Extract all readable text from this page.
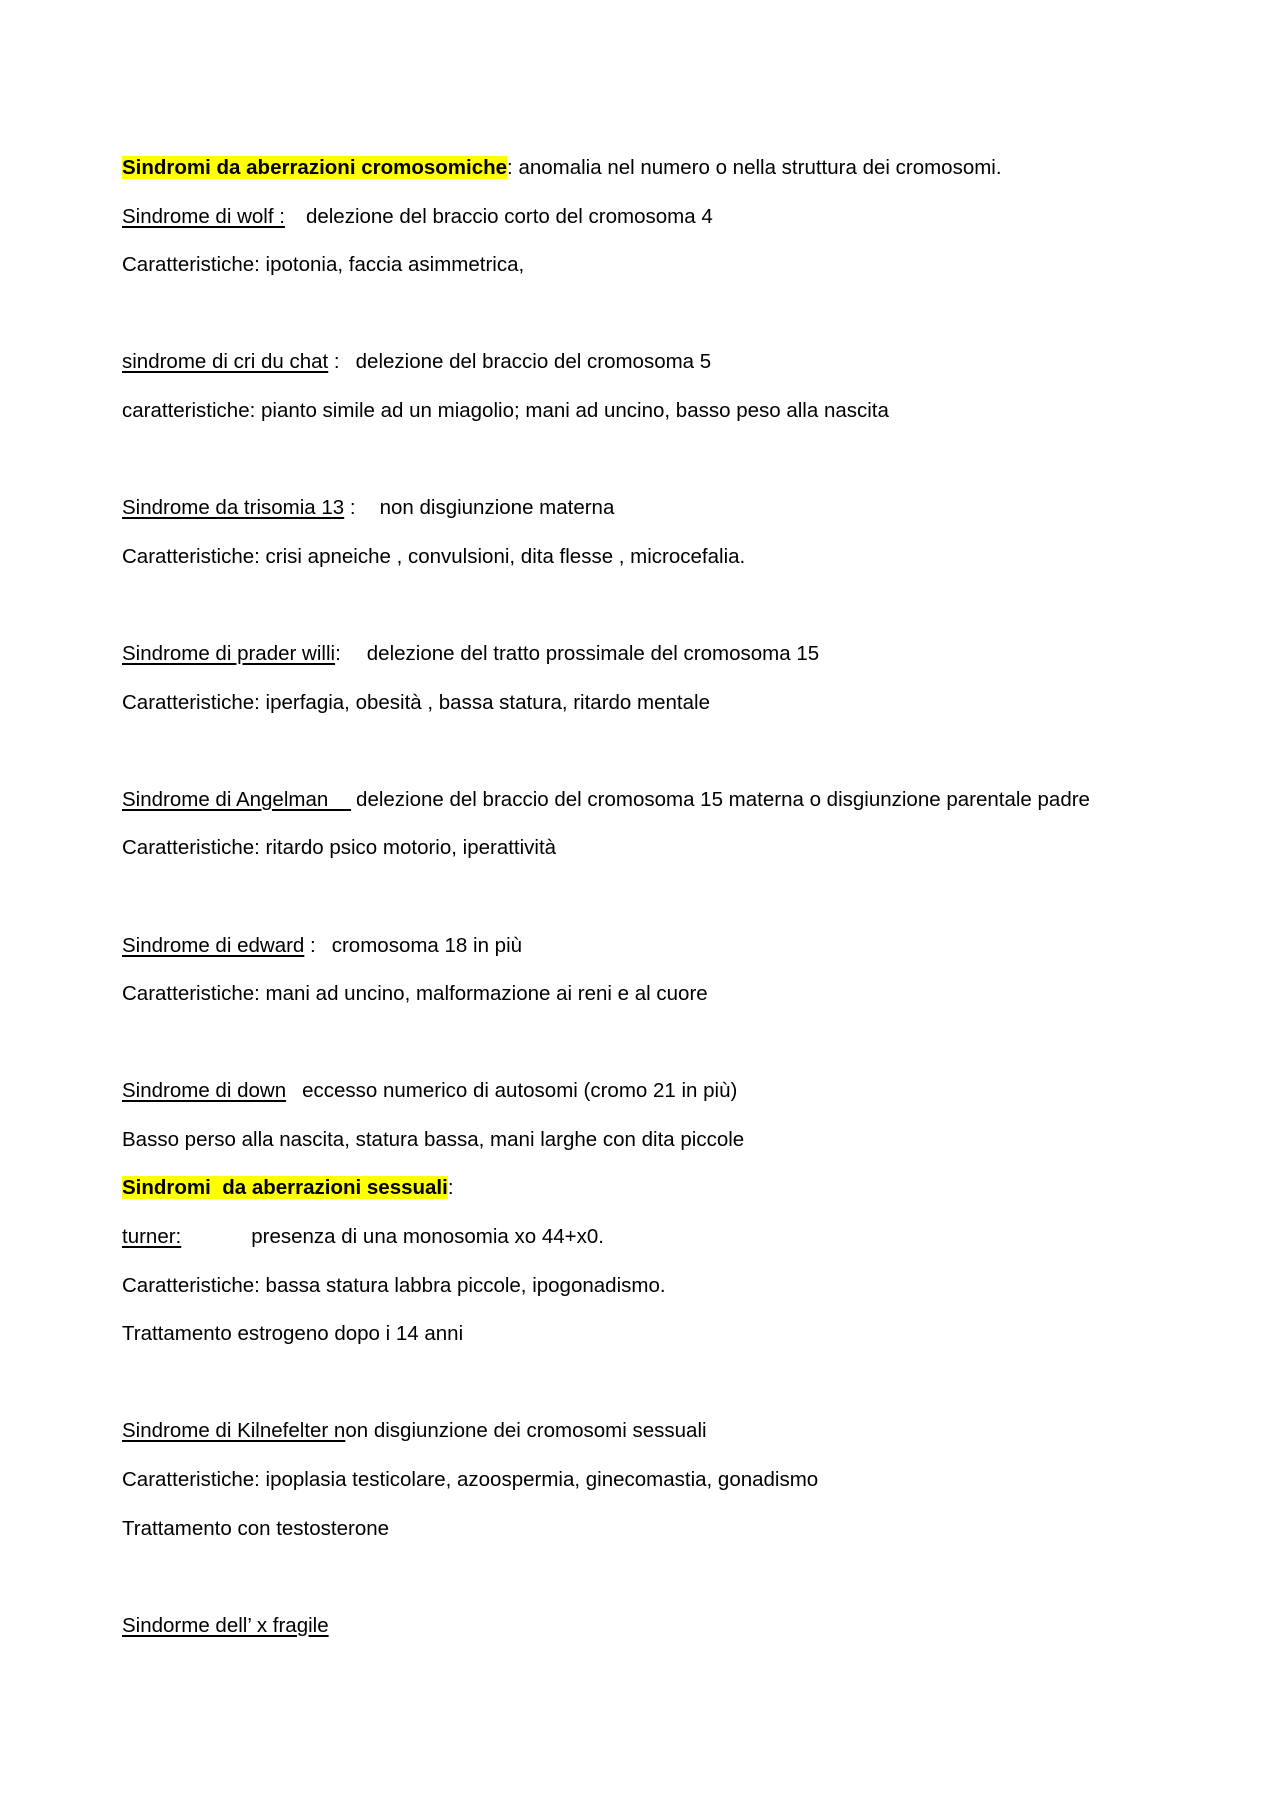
Sindromi da aberrazioni cromosomiche: anomalia nel numero o nella struttura dei cromosomi.
Sindrome di wolf : delezione del braccio corto del cromosoma 4
Caratteristiche: ipotonia, faccia asimmetrica,
sindrome di cri du chat : delezione del braccio del cromosoma 5
caratteristiche: pianto simile ad un miagolio; mani ad uncino, basso peso alla nascita
Sindrome da trisomia 13 : non disgiunzione materna
Caratteristiche: crisi apneiche , convulsioni, dita flesse , microcefalia.
Sindrome di prader willi: delezione del tratto prossimale del cromosoma 15
Caratteristiche: iperfagia, obesità , bassa statura, ritardo mentale
Sindrome di Angelman    delezione del braccio del cromosoma 15 materna o disgiunzione parentale padre
Caratteristiche: ritardo psico motorio, iperattività
Sindrome di edward : cromosoma 18 in più
Caratteristiche: mani ad uncino, malformazione ai reni e al cuore
Sindrome di down eccesso numerico di autosomi (cromo 21 in più)
Basso perso alla nascita, statura bassa, mani larghe con dita piccole
Sindromi  da aberrazioni sessuali:
turner:	presenza di una monosomia xo 44+x0.
Caratteristiche: bassa statura labbra piccole, ipogonadismo.
Trattamento estrogeno dopo i 14 anni
Sindrome di Kilnefelter non disgiunzione dei cromosomi sessuali
Caratteristiche: ipoplasia testicolare, azoospermia, ginecomastia, gonadismo
Trattamento con testosterone
Sindorme dell’ x fragile
